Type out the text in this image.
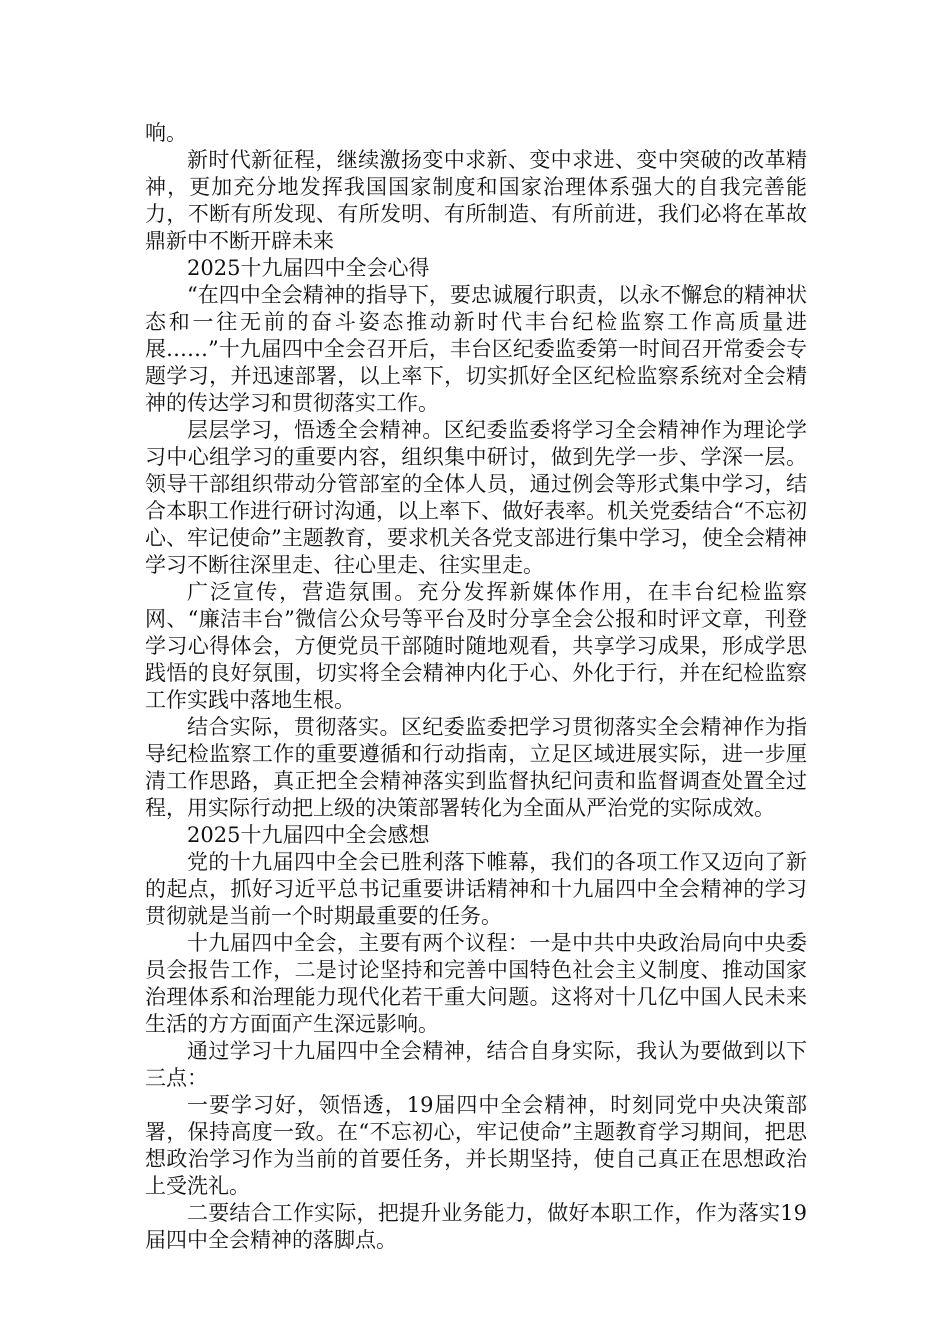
响。

新时代新征程，继续激扬变中求新、变中求进、变中突破的改革精神，更加充分地发挥我国国家制度和国家治理体系强大的自我完善能力，不断有所发现、有所发明、有所制造、有所前进，我们必将在革故鼎新中不断开辟未来

2025十九届四中全会心得

“在四中全会精神的指导下，要忠诚履行职责，以永不懈怠的精神状态和一往无前的奋斗姿态推动新时代丰台纪检监察工作高质量进展……”十九届四中全会召开后，丰台区纪委监委第一时间召开常委会专题学习，并迅速部署，以上率下，切实抓好全区纪检监察系统对全会精神的传达学习和贯彻落实工作。

层层学习，悟透全会精神。区纪委监委将学习全会精神作为理论学习中心组学习的重要内容，组织集中研讨，做到先学一步、学深一层。领导干部组织带动分管部室的全体人员，通过例会等形式集中学习，结合本职工作进行研讨沟通，以上率下、做好表率。机关党委结合“不忘初心、牢记使命”主题教育，要求机关各党支部进行集中学习，使全会精神学习不断往深里走、往心里走、往实里走。

广泛宣传，营造氛围。充分发挥新媒体作用，在丰台纪检监察网、“廉洁丰台”微信公众号等平台及时分享全会公报和时评文章，刊登学习心得体会，方便党员干部随时随地观看，共享学习成果，形成学思践悟的良好氛围，切实将全会精神内化于心、外化于行，并在纪检监察工作实践中落地生根。

结合实际，贯彻落实。区纪委监委把学习贯彻落实全会精神作为指导纪检监察工作的重要遵循和行动指南，立足区域进展实际，进一步厘清工作思路，真正把全会精神落实到监督执纪问责和监督调查处置全过程，用实际行动把上级的决策部署转化为全面从严治党的实际成效。

2025十九届四中全会感想

党的十九届四中全会已胜利落下帷幕，我们的各项工作又迈向了新的起点，抓好习近平总书记重要讲话精神和十九届四中全会精神的学习贯彻就是当前一个时期最重要的任务。

十九届四中全会，主要有两个议程：一是中共中央政治局向中央委员会报告工作，二是讨论坚持和完善中国特色社会主义制度、推动国家治理体系和治理能力现代化若干重大问题。这将对十几亿中国人民未来生活的方方面面产生深远影响。

通过学习十九届四中全会精神，结合自身实际，我认为要做到以下三点：

一要学习好，领悟透，19届四中全会精神，时刻同党中央决策部署，保持高度一致。在“不忘初心，牢记使命”主题教育学习期间，把思想政治学习作为当前的首要任务，并长期坚持，使自己真正在思想政治上受洗礼。

二要结合工作实际，把提升业务能力，做好本职工作，作为落实19届四中全会精神的落脚点。
